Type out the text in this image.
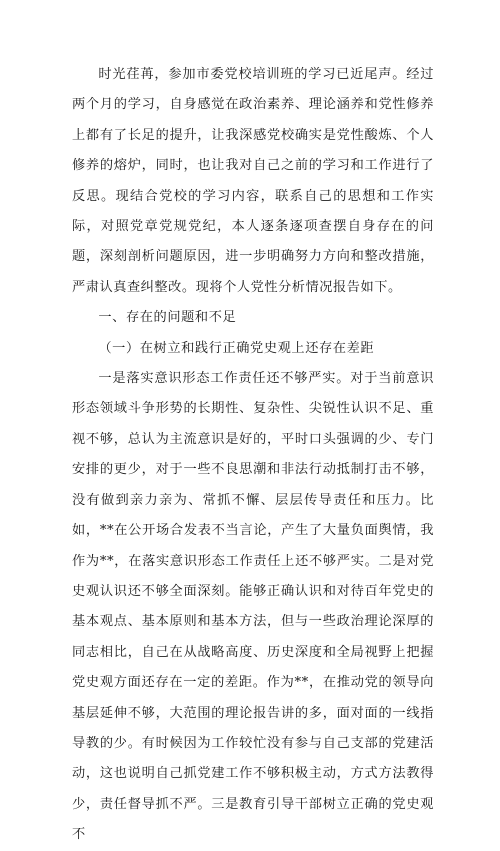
时光荏苒，参加市委党校培训班的学习已近尾声。经过两个月的学习，自身感觉在政治素养、理论涵养和党性修养上都有了长足的提升，让我深感党校确实是党性酸炼、个人修养的熔炉，同时，也让我对自己之前的学习和工作进行了反思。现结合党校的学习内容，联系自己的思想和工作实际，对照党章党规党纪，本人逐条逐项查摆自身存在的问题，深刻剖析问题原因，进一步明确努力方向和整改措施，严肃认真查纠整改。现将个人党性分析情况报告如下。

一、存在的问题和不足

（一）在树立和践行正确党史观上还存在差距

一是落实意识形态工作责任还不够严实。对于当前意识形态领域斗争形势的长期性、复杂性、尖锐性认识不足、重视不够，总认为主流意识是好的，平时口头强调的少、专门安排的更少，对于一些不良思潮和非法行动抵制打击不够，没有做到亲力亲为、常抓不懈、层层传导责任和压力。比如，**在公开场合发表不当言论，产生了大量负面舆情，我作为**，在落实意识形态工作责任上还不够严实。二是对党史观认识还不够全面深刻。能够正确认识和对待百年党史的基本观点、基本原则和基本方法，但与一些政治理论深厚的同志相比，自己在从战略高度、历史深度和全局视野上把握党史观方面还存在一定的差距。作为**，在推动党的领导向基层延伸不够，大范围的理论报告讲的多，面对面的一线指导教的少。有时候因为工作较忙没有参与自己支部的党建活动，这也说明自己抓党建工作不够积极主动，方式方法教得少，责任督导抓不严。三是教育引导干部树立正确的党史观不
